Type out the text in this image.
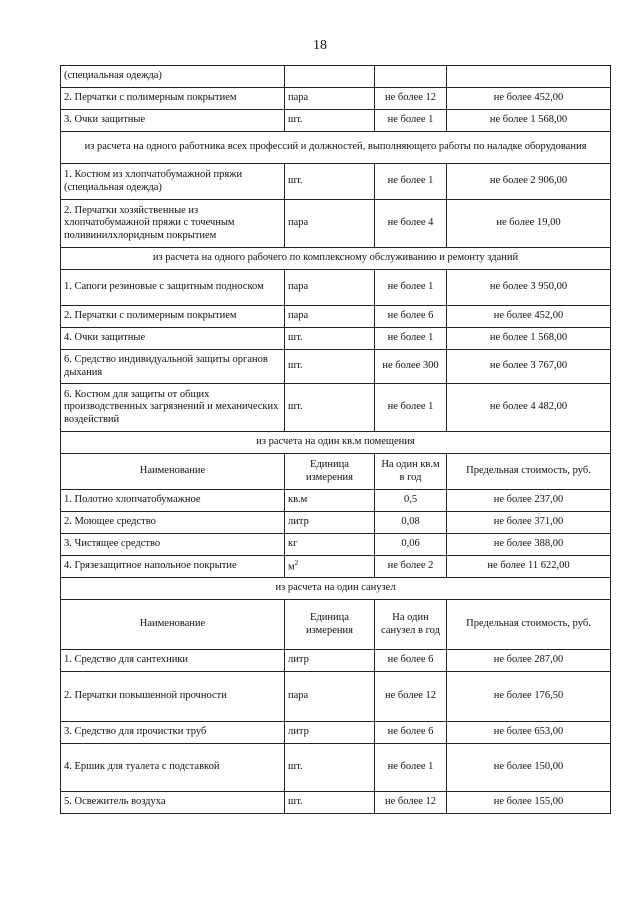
18
(специальная одежда)			
2. Перчатки с полимерным покрытием	пара	не более 12	не более 452,00
3. Очки защитные	шт.	не более 1	не более 1 568,00
из расчета на одного работника всех профессий и должностей, выполняющего работы по наладке оборудования			
1. Костюм из хлопчатобумажной пряжи (специальная одежда)	шт.	не более 1	не более 2 906,00
2. Перчатки хозяйственные из хлопчатобумажной пряжи с точечным поливинилхлоридным покрытием	пара	не более 4	не более 19,00
из расчета на одного рабочего по комплексному обслуживанию и ремонту зданий			
1. Сапоги резиновые с защитным подноском	пара	не более 1	не более 3 950,00
2. Перчатки с полимерным покрытием	пара	не более 6	не более 452,00
4. Очки защитные	шт.	не более 1	не более 1 568,00
6. Средство индивидуальной защиты органов дыхания	шт.	не более 300	не более 3 767,00
6. Костюм для защиты от общих производственных загрязнений и механических воздействий	шт.	не более 1	не более 4 482,00
из расчета на один кв.м помещения			
Наименование	Единица измерения	На один кв.м в год	Предельная стоимость, руб.
1. Полотно хлопчатобумажное	кв.м	0,5	не более 237,00
2. Моющее средство	литр	0,08	не более 371,00
3. Чистящее средство	кг	0,06	не более 388,00
4. Грязезащитное напольное покрытие	$м^2$	не более 2	не более 11 622,00
из расчета на один санузел			
Наименование	Единица измерения	На один санузел в год	Предельная стоимость, руб.
1. Средство для сантехники	литр	не более 6	не более 287,00
2. Перчатки повышенной прочности	пара	не более 12	не более 176,50
3. Средство для прочистки труб	литр	не более 6	не более 653,00
4. Ершик для туалета с подставкой	шт.	не более 1	не более 150,00
5. Освежитель воздуха	шт.	не более 12	не более 155,00
